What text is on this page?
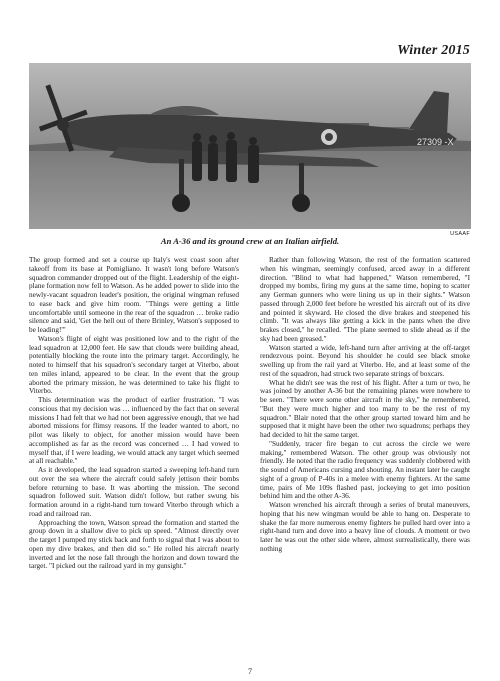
Winter 2015
27309 -X
USAAF
An A-36 and its ground crew at an Italian airfield.

The group formed and set a course up Italy's west coast soon after takeoff from its base at Pomigliano. It wasn't long before Watson's squadron commander dropped out of the flight. Leadership of the eight-plane formation now fell to Watson. As he added power to slide into the newly-vacant squadron leader's position, the original wingman refused to ease back and give him room. "Things were getting a little uncomfortable until someone in the rear of the squadron … broke radio silence and said, 'Get the hell out of there Brinley, Watson's supposed to be leading!'"

Watson's flight of eight was positioned low and to the right of the lead squadron at 12,000 feet. He saw that clouds were building ahead, potentially blocking the route into the primary target. Accordingly, he noted to himself that his squadron's secondary target at Viterbo, about ten miles inland, appeared to be clear. In the event that the group aborted the primary mission, he was determined to take his flight to Viterbo.

This determination was the product of earlier frustration. "I was conscious that my decision was … influenced by the fact that on several missions I had felt that we had not been aggressive enough, that we had aborted missions for flimsy reasons. If the leader wanted to abort, no pilot was likely to object, for another mission would have been accomplished as far as the record was concerned … I had vowed to myself that, if I were leading, we would attack any target which seemed at all reachable."

As it developed, the lead squadron started a sweeping left-hand turn out over the sea where the aircraft could safely jettison their bombs before returning to base. It was aborting the mission. The second squadron followed suit. Watson didn't follow, but rather swung his formation around in a right-hand turn toward Viterbo through which a road and railroad ran.

Approaching the town, Watson spread the formation and started the group down in a shallow dive to pick up speed. "Almost directly over the target I pumped my stick back and forth to signal that I was about to open my dive brakes, and then did so." He rolled his aircraft nearly inverted and let the nose fall through the horizon and down toward the target. "I picked out the railroad yard in my gunsight."

Rather than following Watson, the rest of the formation scattered when his wingman, seemingly confused, arced away in a different direction. "Blind to what had happened," Watson remembered, "I dropped my bombs, firing my guns at the same time, hoping to scatter any German gunners who were lining us up in their sights." Watson passed through 2,000 feet before he wrestled his aircraft out of its dive and pointed it skyward. He closed the dive brakes and steepened his climb. "It was always like getting a kick in the pants when the dive brakes closed," he recalled. "The plane seemed to slide ahead as if the sky had been greased."

Watson started a wide, left-hand turn after arriving at the off-target rendezvous point. Beyond his shoulder he could see black smoke swelling up from the rail yard at Viterbo. He, and at least some of the rest of the squadron, had struck two separate strings of boxcars.

What he didn't see was the rest of his flight. After a turn or two, he was joined by another A-36 but the remaining planes were nowhere to be seen. "There were some other aircraft in the sky," he remembered, "But they were much higher and too many to be the rest of my squadron." Blair noted that the other group started toward him and he supposed that it might have been the other two squadrons; perhaps they had decided to hit the same target.

"Suddenly, tracer fire began to cut across the circle we were making," remembered Watson. The other group was obviously not friendly. He noted that the radio frequency was suddenly clobbered with the sound of Americans cursing and shouting. An instant later he caught sight of a group of P-40s in a melee with enemy fighters. At the same time, pairs of Me 109s flashed past, jockeying to get into position behind him and the other A-36.

Watson wrenched his aircraft through a series of brutal maneuvers, hoping that his new wingman would be able to hang on. Desperate to shake the far more numerous enemy fighters he pulled hard over into a right-hand turn and dove into a heavy line of clouds. A moment or two later he was out the other side where, almost surrealistically, there was nothing

7
